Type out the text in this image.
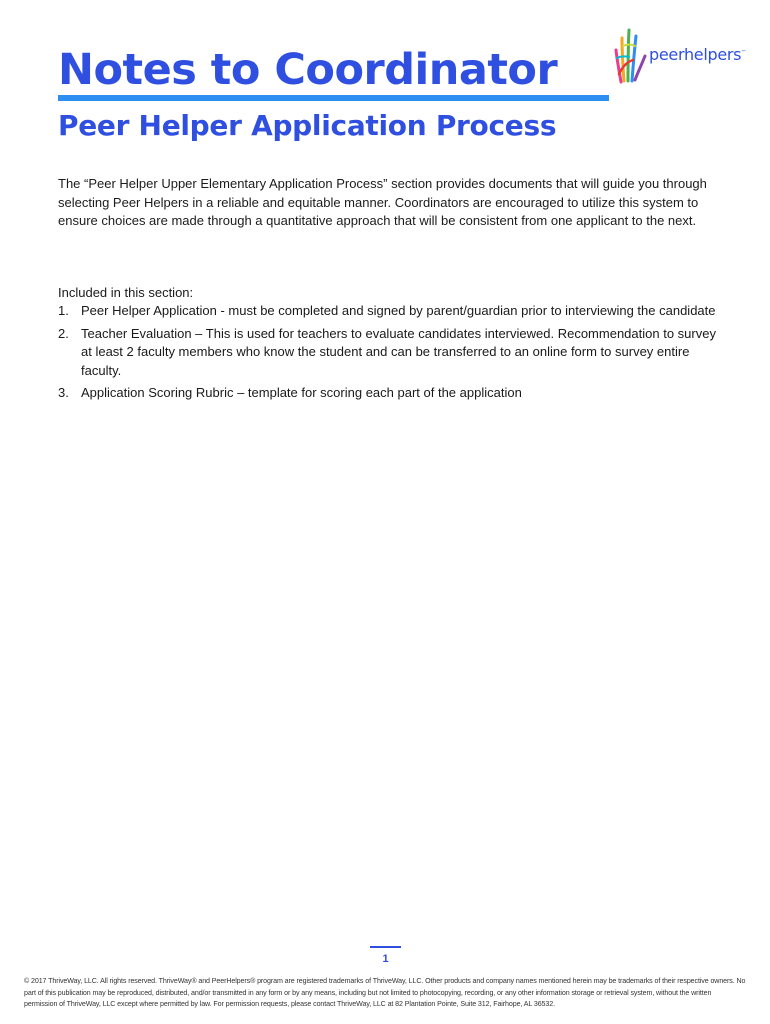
Notes to Coordinator	peerhelpers™
Peer Helper Application Process

The “Peer Helper Upper Elementary Application Process” section provides documents that will guide you through selecting Peer Helpers in a reliable and equitable manner. Coordinators are encouraged to utilize this system to ensure choices are made through a quantitative approach that will be consistent from one applicant to the next.

Included in this section:

1. Peer Helper Application - must be completed and signed by parent/guardian prior to interviewing the candidate
2. Teacher Evaluation – This is used for teachers to evaluate candidates interviewed. Recommendation to survey at least 2 faculty members who know the student and can be transferred to an online form to survey entire faculty.
3. Application Scoring Rubric – template for scoring each part of the application
1

© 2017 ThriveWay, LLC. All rights reserved. ThriveWay® and PeerHelpers® program are registered trademarks of ThriveWay, LLC. Other products and company names mentioned herein may be trademarks of their respective owners. No part of this publication may be reproduced, distributed, and/or transmitted in any form or by any means, including but not limited to photocopying, recording, or any other information storage or retrieval system, without the written permission of ThriveWay, LLC except where permitted by law. For permission requests, please contact ThriveWay, LLC at 82 Plantation Pointe, Suite 312, Fairhope, AL 36532.
